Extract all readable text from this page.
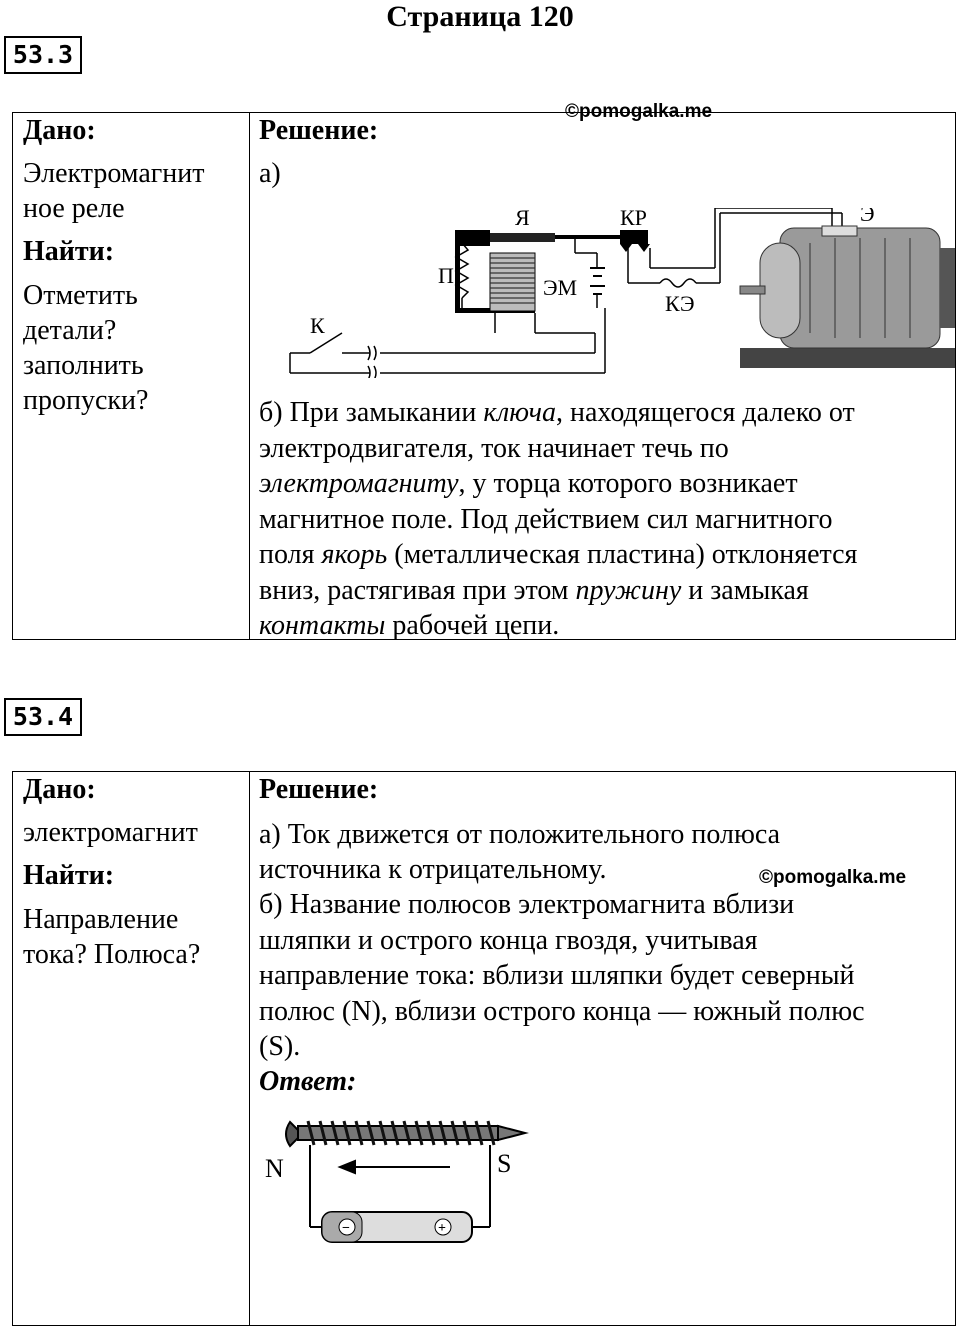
Страница 120
53.3
Дано:
Электромагнит
ное реле
Найти:
Отметить
детали?
заполнить
пропуски?
Решение:
©pomogalka.me
а)
Я	КР	Э
П	ЭМ
К
КЭ
б) При замыкании ключа, находящегося далеко от
электродвигателя, ток начинает течь по
электромагниту, у торца которого возникает
магнитное поле. Под действием сил магнитного
поля якорь (металлическая пластина) отклоняется
вниз, растягивая при этом пружину и замыкая
контакты рабочей цепи.
53.4
Дано:
электромагнит
Найти:
Направление
тока? Полюса?
Решение:
а) Ток движется от положительного полюса
источника к отрицательному.	©pomogalka.me
б) Название полюсов электромагнита вблизи
шляпки и острого конца гвоздя, учитывая
направление тока: вблизи шляпки будет северный
полюс (N), вблизи острого конца — южный полюс
(S).
Ответ:
−	+
N	S
